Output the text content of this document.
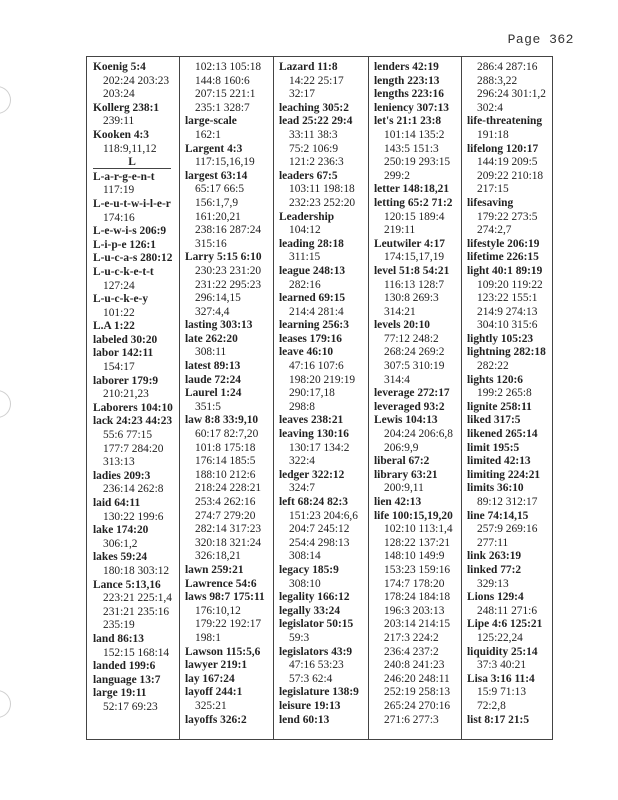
Page 362
Koenig 5:4
202:24 203:23
203:24
Kollerg 238:1
239:11
Kooken 4:3
118:9,11,12
L
L-a-r-g-e-n-t
117:19
L-e-u-t-w-i-l-e-r
174:16
L-e-w-i-s 206:9
L-i-p-e 126:1
L-u-c-a-s 280:12
L-u-c-k-e-t-t
127:24
L-u-c-k-e-y
101:22
L.A 1:22
labeled 30:20
labor 142:11
154:17
laborer 179:9
210:21,23
Laborers 104:10
lack 24:23 44:23
55:6 77:15
177:7 284:20
313:13
ladies 209:3
236:14 262:8
laid 64:11
130:22 199:6
lake 174:20
306:1,2
lakes 59:24
180:18 303:12
Lance 5:13,16
223:21 225:1,4
231:21 235:16
235:19
land 86:13
152:15 168:14
landed 199:6
language 13:7
large 19:11
52:17 69:23
102:13 105:18
144:8 160:6
207:15 221:1
235:1 328:7
large-scale
162:1
Largent 4:3
117:15,16,19
largest 63:14
65:17 66:5
156:1,7,9
161:20,21
238:16 287:24
315:16
Larry 5:15 6:10
230:23 231:20
231:22 295:23
296:14,15
327:4,4
lasting 303:13
late 262:20
308:11
latest 89:13
laude 72:24
Laurel 1:24
351:5
law 8:8 33:9,10
60:17 82:7,20
101:8 175:18
176:14 185:5
188:10 212:6
218:24 228:21
253:4 262:16
274:7 279:20
282:14 317:23
320:18 321:24
326:18,21
lawn 259:21
Lawrence 54:6
laws 98:7 175:11
176:10,12
179:22 192:17
198:1
Lawson 115:5,6
lawyer 219:1
lay 167:24
layoff 244:1
325:21
layoffs 326:2
Lazard 11:8
14:22 25:17
32:17
leaching 305:2
lead 25:22 29:4
33:11 38:3
75:2 106:9
121:2 236:3
leaders 67:5
103:11 198:18
232:23 252:20
Leadership
104:12
leading 28:18
311:15
league 248:13
282:16
learned 69:15
214:4 281:4
learning 256:3
leases 179:16
leave 46:10
47:16 107:6
198:20 219:19
290:17,18
298:8
leaves 238:21
leaving 130:16
130:17 134:2
322:4
ledger 322:12
324:7
left 68:24 82:3
151:23 204:6,6
204:7 245:12
254:4 298:13
308:14
legacy 185:9
308:10
legality 166:12
legally 33:24
legislator 50:15
59:3
legislators 43:9
47:16 53:23
57:3 62:4
legislature 138:9
leisure 19:13
lend 60:13
lenders 42:19
length 223:13
lengths 223:16
leniency 307:13
let's 21:1 23:8
101:14 135:2
143:5 151:3
250:19 293:15
299:2
letter 148:18,21
letting 65:2 71:2
120:15 189:4
219:11
Leutwiler 4:17
174:15,17,19
level 51:8 54:21
116:13 128:7
130:8 269:3
314:21
levels 20:10
77:12 248:2
268:24 269:2
307:5 310:19
314:4
leverage 272:17
leveraged 93:2
Lewis 104:13
204:24 206:6,8
206:9,9
liberal 67:2
library 63:21
200:9,11
lien 42:13
life 100:15,19,20
102:10 113:1,4
128:22 137:21
148:10 149:9
153:23 159:16
174:7 178:20
178:24 184:18
196:3 203:13
203:14 214:15
217:3 224:2
236:4 237:2
240:8 241:23
246:20 248:11
252:19 258:13
265:24 270:16
271:6 277:3
286:4 287:16
288:3,22
296:24 301:1,2
302:4
life-threatening
191:18
lifelong 120:17
144:19 209:5
209:22 210:18
217:15
lifesaving
179:22 273:5
274:2,7
lifestyle 206:19
lifetime 226:15
light 40:1 89:19
109:20 119:22
123:22 155:1
214:9 274:13
304:10 315:6
lightly 105:23
lightning 282:18
282:22
lights 120:6
199:2 265:8
lignite 258:11
liked 317:5
likened 265:14
limit 195:5
limited 42:13
limiting 224:21
limits 36:10
89:12 312:17
line 74:14,15
257:9 269:16
277:11
link 263:19
linked 77:2
329:13
Lions 129:4
248:11 271:6
Lipe 4:6 125:21
125:22,24
liquidity 25:14
37:3 40:21
Lisa 3:16 11:4
15:9 71:13
72:2,8
list 8:17 21:5
